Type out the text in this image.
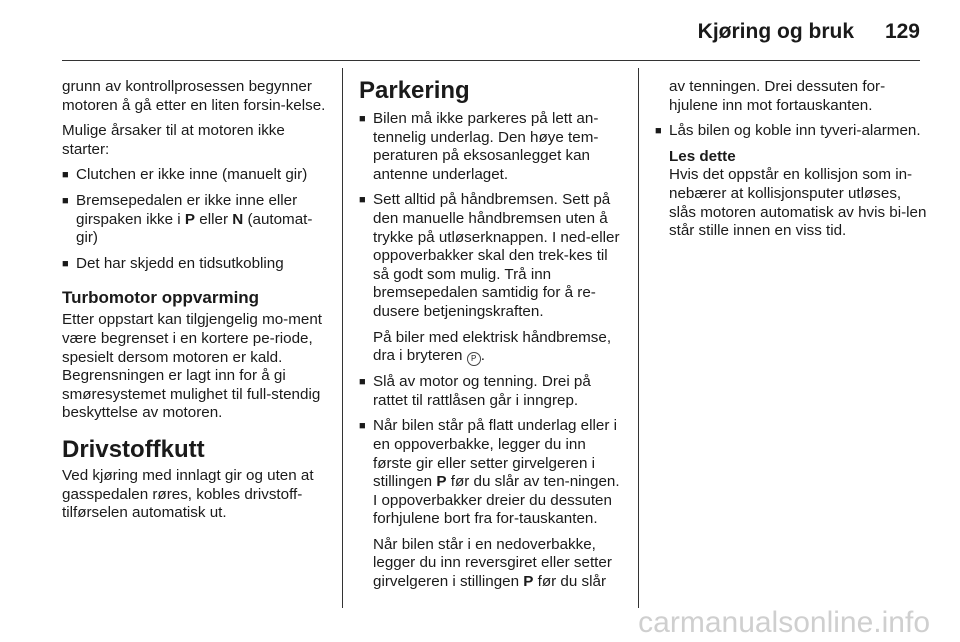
Kjøring og bruk 129

grunn av kontrollprosessen begynner motoren å gå etter en liten forsin-kelse.

Mulige årsaker til at motoren ikke starter:

■ Clutchen er ikke inne (manuelt gir)
■ Bremsepedalen er ikke inne eller girspaken ikke i P eller N (automat-gir)
■ Det har skjedd en tidsutkobling
Turbomotor oppvarming

Etter oppstart kan tilgjengelig mo-ment være begrenset i en kortere pe-riode, spesielt dersom motoren er kald. Begrensningen er lagt inn for å gi smøresystemet mulighet til full-stendig beskyttelse av motoren.

Drivstoffkutt

Ved kjøring med innlagt gir og uten at gasspedalen røres, kobles drivstoff-tilførselen automatisk ut.

Parkering
■ Bilen må ikke parkeres på lett an-tennelig underlag. Den høye tem-peraturen på eksosanlegget kan antenne underlaget.
■ Sett alltid på håndbremsen. Sett på den manuelle håndbremsen uten å trykke på utløserknappen. I ned-eller oppoverbakker skal den trek-kes til så godt som mulig. Trå inn bremsepedalen samtidig for å re-dusere betjeningskraften.

På biler med elektrisk håndbremse, dra i bryteren P .

■ Slå av motor og tenning. Drei på rattet til rattlåsen går i inngrep.
■ Når bilen står på flatt underlag eller i en oppoverbakke, legger du inn første gir eller setter girvelgeren i stillingen P før du slår av ten-ningen. I oppoverbakker dreier du dessuten forhjulene bort fra for-tauskanten.

Når bilen står i en nedoverbakke, legger du inn reversgiret eller setter girvelgeren i stillingen P før du slår

av tenningen. Drei dessuten for-hjulene inn mot fortauskanten.

■ Lås bilen og koble inn tyveri-alarmen.

Les dette

Hvis det oppstår en kollisjon som in-nebærer at kollisjonsputer utløses, slås motoren automatisk av hvis bi-len står stille innen en viss tid.

carmanualsonline.info
